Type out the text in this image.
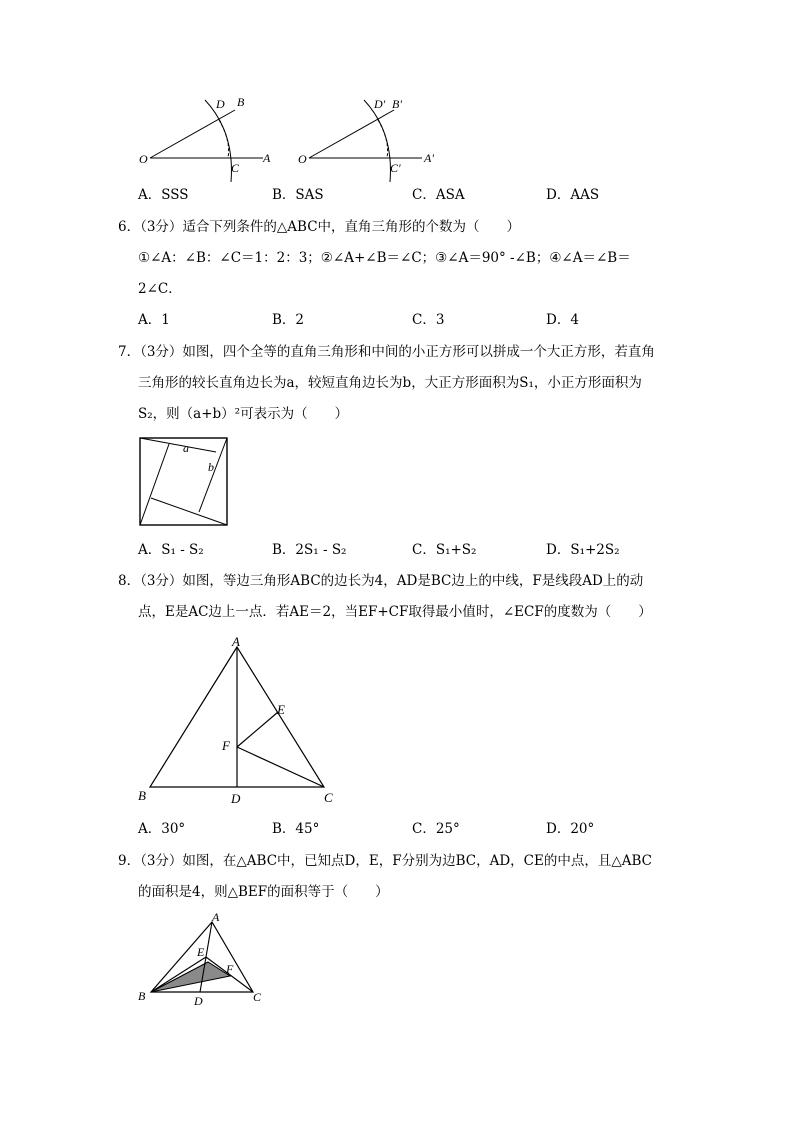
D B
O
C
A
D' B'
O
C'
A'
A．SSS	B．SAS	C．ASA	D．AAS
6．（3分）适合下列条件的△ABC中，直角三角形的个数为（　　）
①∠A：∠B：∠C＝1：2：3；②∠A+∠B＝∠C；③∠A＝90° -∠B；④∠A＝∠B＝
2∠C．
A．1	B．2	C．3	D．4
7．（3分）如图，四个全等的直角三角形和中间的小正方形可以拼成一个大正方形，若直角
三角形的较长直角边长为a，较短直角边长为b，大正方形面积为S₁，小正方形面积为
S₂，则（a+b）²可表示为（　　）
a
b
A．S₁ - S₂	B．2S₁ - S₂	C．S₁+S₂	D．S₁+2S₂
8．（3分）如图，等边三角形ABC的边长为4，AD是BC边上的中线，F是线段AD上的动
点，E是AC边上一点．若AE＝2，当EF+CF取得最小值时，∠ECF的度数为（　　）
A
B	C
D
E
F
A．30°	B．45°	C．25°	D．20°
9．（3分）如图，在△ABC中，已知点D，E，F分别为边BC，AD，CE的中点，且△ABC
的面积是4，则△BEF的面积等于（　　）
A
B	C
D
E
F
